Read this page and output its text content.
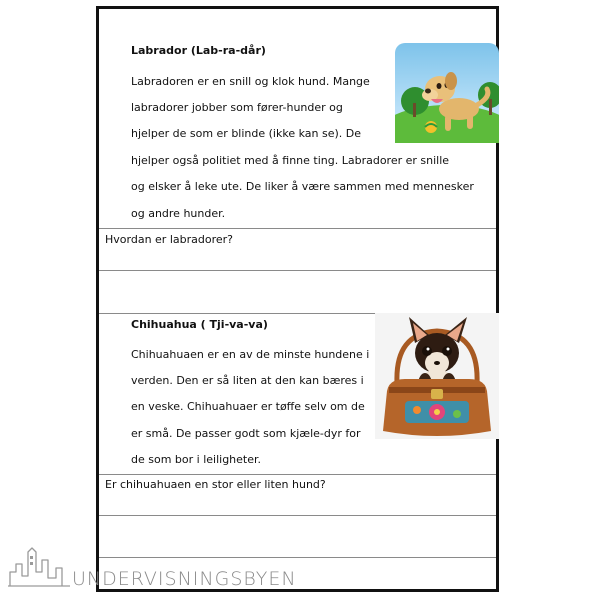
Labrador (Lab-ra-dår)
Labradoren er en snill og klok hund. Mange
labradorer jobber som fører-hunder og
hjelper de som er blinde (ikke kan se). De
hjelper også politiet med å finne ting. Labradorer er snille
og elsker å leke ute. De liker å være sammen med mennesker
og andre hunder.
Hvordan er labradorer?
Chihuahua ( Tji-va-va)
Chihuahuaen er en av de minste hundene i
verden. Den er så liten at den kan bæres i
en veske. Chihuahuaer er tøffe selv om de
er små. De passer godt som kjæle-dyr for
de som bor i leiligheter.
Er chihuahuaen en stor eller liten hund?
UNDERVISNINGSBYEN
